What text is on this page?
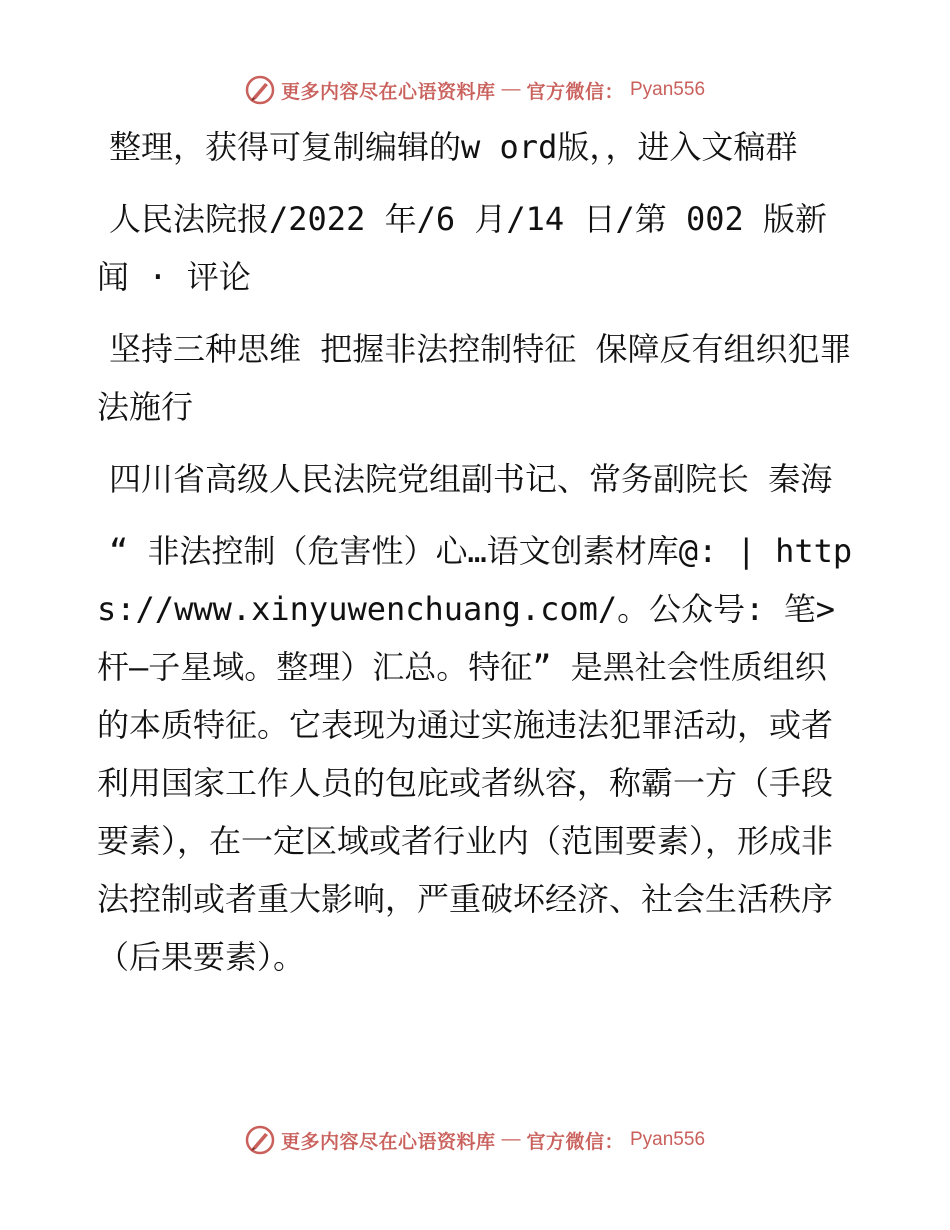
更多内容尽在心语资料库 — 官方微信： Pyan556

整理，获得可复制编辑的w ord版，，进入文稿群

人民法院报/2022 年/6 月/14 日/第 002 版新闻 · 评论

坚持三种思维 把握非法控制特征 保障反有组织犯罪法施行

四川省高级人民法院党组副书记、常务副院长 秦海

“ 非法控制（危害性）心…语文创素材库@: | https://www.xinyuwenchuang.com/。公众号: 笔>杆—子星域。整理）汇总。特征” 是黑社会性质组织的本质特征。它表现为通过实施违法犯罪活动，或者利用国家工作人员的包庇或者纵容，称霸一方（手段要素），在一定区域或者行业内（范围要素），形成非法控制或者重大影响，严重破坏经济、社会生活秩序（后果要素）。

更多内容尽在心语资料库 — 官方微信： Pyan556
